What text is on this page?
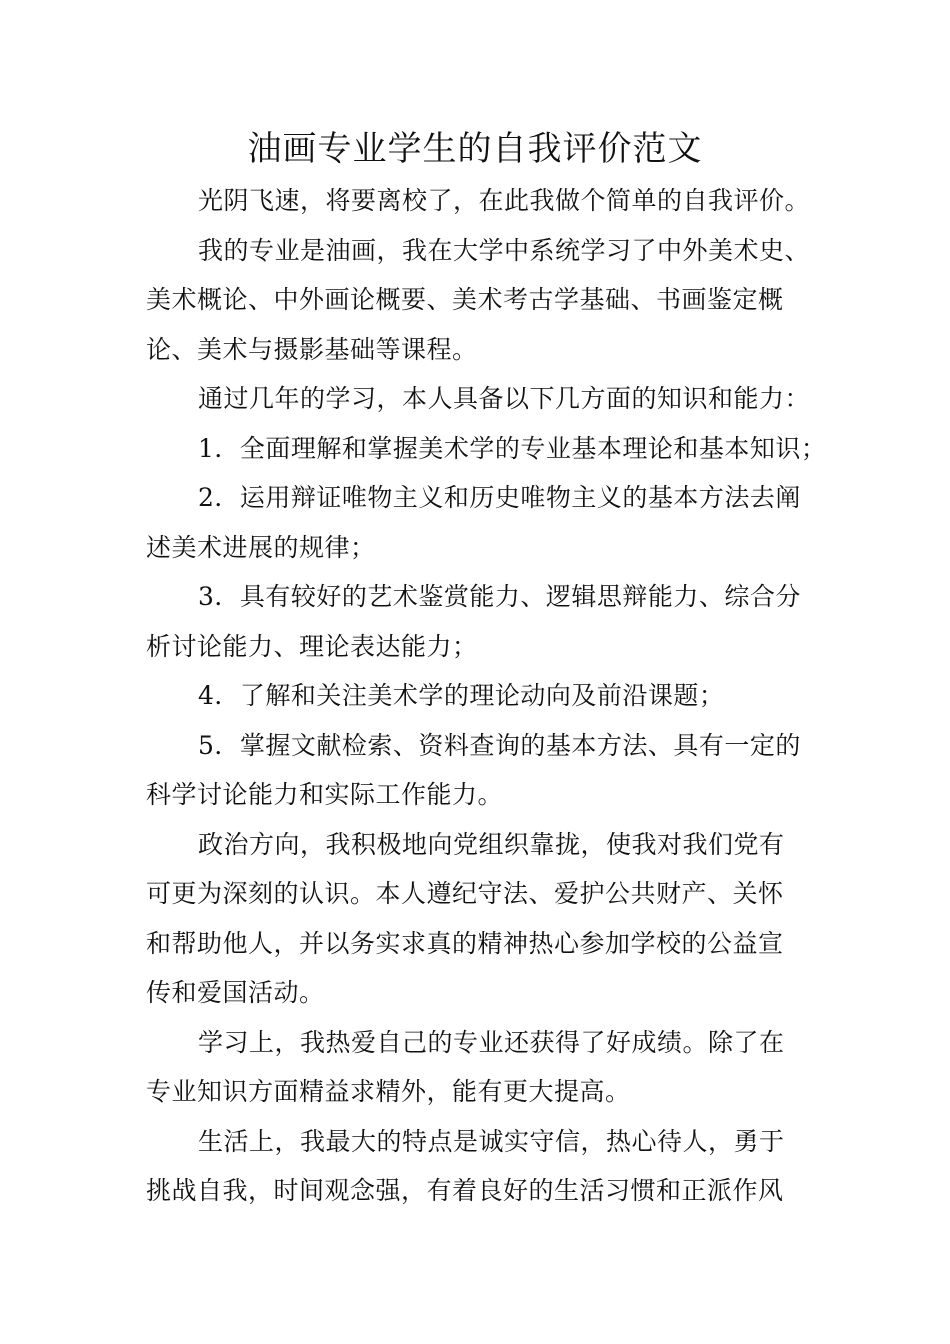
油画专业学生的自我评价范文

光阴飞速，将要离校了，在此我做个简单的自我评价。

我的专业是油画，我在大学中系统学习了中外美术史、
美术概论、中外画论概要、美术考古学基础、书画鉴定概
论、美术与摄影基础等课程。

通过几年的学习，本人具备以下几方面的知识和能力：

1．全面理解和掌握美术学的专业基本理论和基本知识；

2．运用辩证唯物主义和历史唯物主义的基本方法去阐
述美术进展的规律；

3．具有较好的艺术鉴赏能力、逻辑思辩能力、综合分
析讨论能力、理论表达能力；

4．了解和关注美术学的理论动向及前沿课题；

5．掌握文献检索、资料查询的基本方法、具有一定的
科学讨论能力和实际工作能力。

政治方向，我积极地向党组织靠拢，使我对我们党有
可更为深刻的认识。本人遵纪守法、爱护公共财产、关怀
和帮助他人，并以务实求真的精神热心参加学校的公益宣
传和爱国活动。

学习上，我热爱自己的专业还获得了好成绩。除了在
专业知识方面精益求精外，能有更大提高。

生活上，我最大的特点是诚实守信，热心待人，勇于
挑战自我，时间观念强，有着良好的生活习惯和正派作风
